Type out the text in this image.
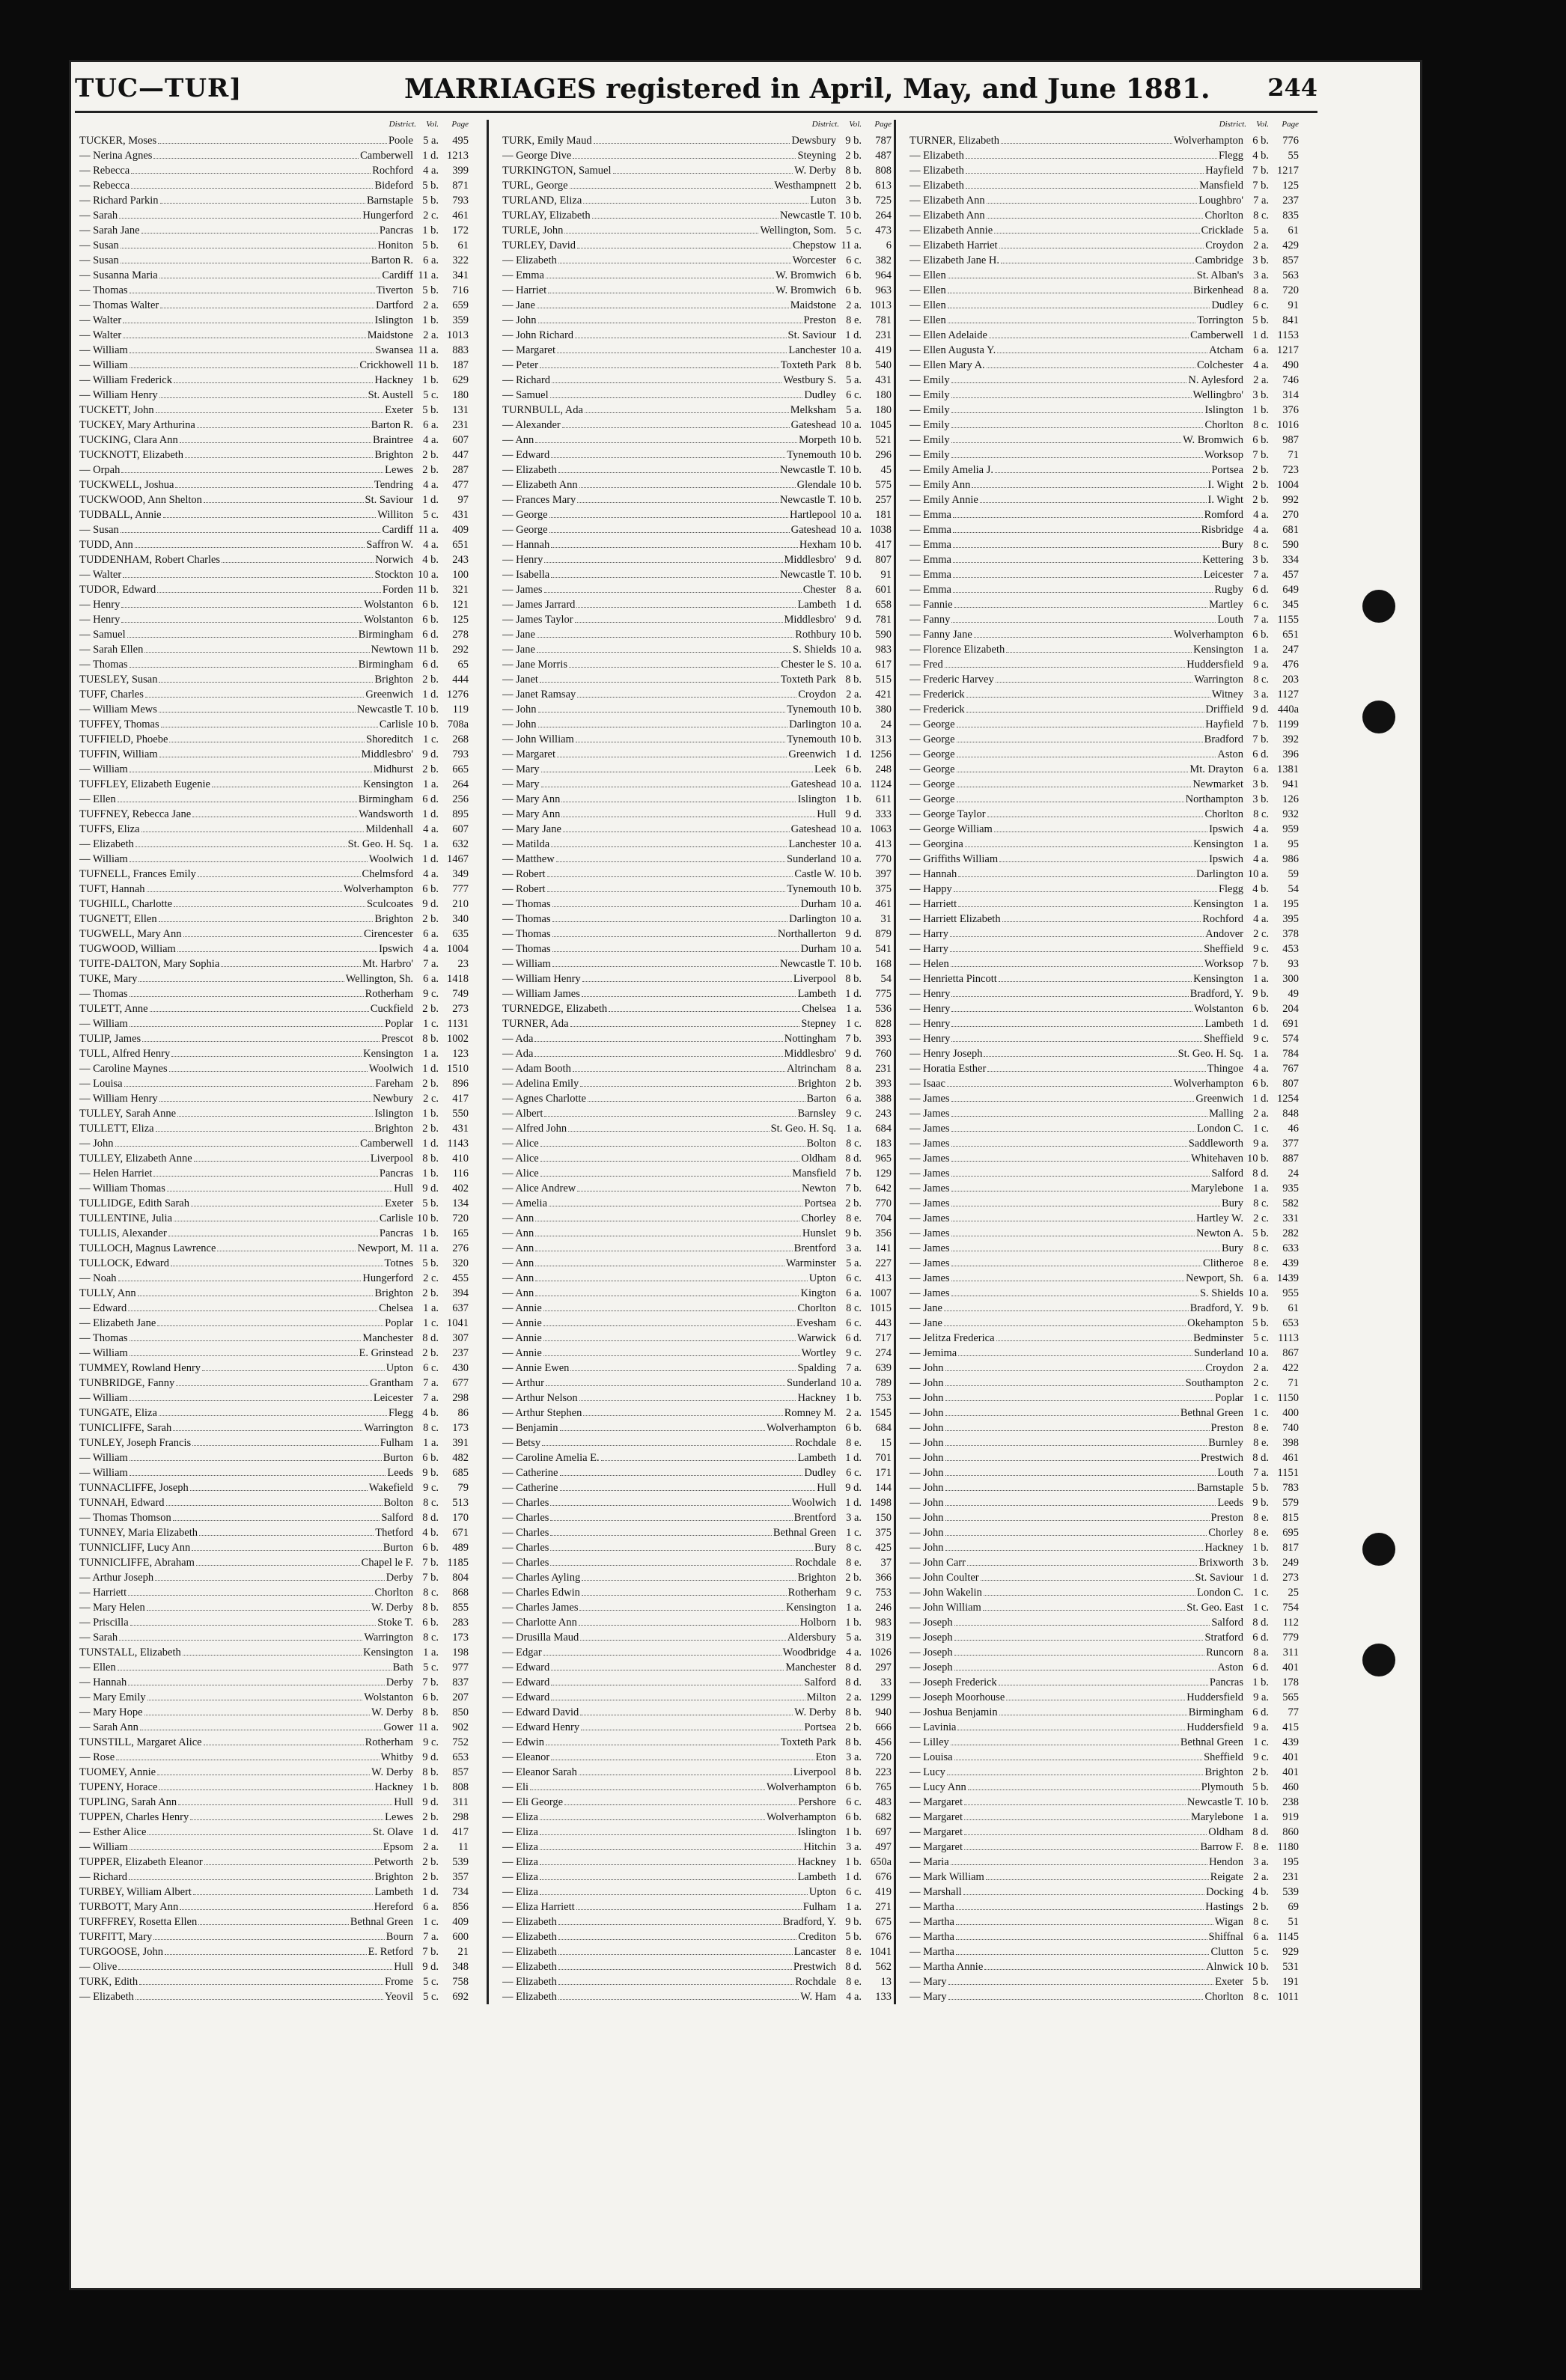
TUC—TUR]	MARRIAGES registered in April, May, and June 1881. 244
District.	Vol.	Page
TUCKER, Moses	Poole 5 a.	495
— Nerina Agnes	Camberwell 1 d. 1213
— Rebecca	Rochford 4 a.	399
— Rebecca	Bideford 5 b.	871
— Richard Parkin	Barnstaple 5 b.	793
— Sarah	Hungerford 2 c.	461
— Sarah Jane	Pancras 1 b.	172
— Susan	Honiton 5 b.	61
— Susan	Barton R. 6 a.	322
— Susanna Maria	Cardiff 11 a.	341
— Thomas	Tiverton 5 b.	716
— Thomas Walter	Dartford 2 a.	659
— Walter	Islington 1 b.	359
— Walter	Maidstone 2 a. 1013
— William	Swansea 11 a.	883
— William	Crickhowell 11 b.	187
— William Frederick	Hackney 1 b.	629
— William Henry	St. Austell 5 c.	180
TUCKETT, John	Exeter 5 b.	131
TUCKEY, Mary Arthurina	Barton R. 6 a.	231
TUCKING, Clara Ann	Braintree 4 a.	607
TUCKNOTT, Elizabeth	Brighton 2 b.	447
— Orpah	Lewes 2 b.	287
TUCKWELL, Joshua	Tendring 4 a.	477
TUCKWOOD, Ann Shelton	St. Saviour 1 d.	97
TUDBALL, Annie	Williton 5 c.	431
— Susan	Cardiff 11 a.	409
TUDD, Ann	Saffron W. 4 a.	651
TUDDENHAM, Robert Charles	Norwich 4 b.	243
— Walter	Stockton 10 a.	100
TUDOR, Edward	Forden 11 b.	321
— Henry	Wolstanton 6 b.	121
— Henry	Wolstanton 6 b.	125
— Samuel	Birmingham 6 d.	278
— Sarah Ellen	Newtown 11 b.	292
— Thomas	Birmingham 6 d.	65
TUESLEY, Susan	Brighton 2 b.	444
TUFF, Charles	Greenwich 1 d. 1276
— William Mews	Newcastle T. 10 b.	119
TUFFEY, Thomas	Carlisle 10 b. 708a
TUFFIELD, Phoebe	Shoreditch 1 c.	268
TUFFIN, William	Middlesbro' 9 d.	793
— William	Midhurst 2 b.	665
TUFFLEY, Elizabeth Eugenie	Kensington 1 a.	264
— Ellen	Birmingham 6 d.	256
TUFFNEY, Rebecca Jane	Wandsworth 1 d.	895
TUFFS, Eliza	Mildenhall 4 a.	607
— Elizabeth	St. Geo. H. Sq. 1 a.	632
— William	Woolwich 1 d. 1467
TUFNELL, Frances Emily	Chelmsford 4 a.	349
TUFT, Hannah	Wolverhampton 6 b.	777
TUGHILL, Charlotte	Sculcoates 9 d.	210
TUGNETT, Ellen	Brighton 2 b.	340
TUGWELL, Mary Ann	Cirencester 6 a.	635
TUGWOOD, William	Ipswich 4 a. 1004
TUITE-DALTON, Mary Sophia	Mt. Harbro' 7 a.	23
TUKE, Mary	Wellington, Sh. 6 a. 1418
— Thomas	Rotherham 9 c.	749
TULETT, Anne	Cuckfield 2 b.	273
— William	Poplar 1 c. 1131
TULIP, James	Prescot 8 b. 1002
TULL, Alfred Henry	Kensington 1 a.	123
— Caroline Maynes	Woolwich 1 d. 1510
— Louisa	Fareham 2 b.	896
— William Henry	Newbury 2 c.	417
TULLEY, Sarah Anne	Islington 1 b.	550
TULLETT, Eliza	Brighton 2 b.	431
— John	Camberwell 1 d. 1143
TULLEY, Elizabeth Anne	Liverpool 8 b.	410
— Helen Harriet	Pancras 1 b.	116
— William Thomas	Hull 9 d.	402
TULLIDGE, Edith Sarah	Exeter 5 b.	134
TULLENTINE, Julia	Carlisle 10 b.	720
TULLIS, Alexander	Pancras 1 b.	165
TULLOCH, Magnus Lawrence	Newport, M. 11 a.	276
TULLOCK, Edward	Totnes 5 b.	320
— Noah	Hungerford 2 c.	455
TULLY, Ann	Brighton 2 b.	394
— Edward	Chelsea 1 a.	637
— Elizabeth Jane	Poplar 1 c. 1041
— Thomas	Manchester 8 d.	307
— William	E. Grinstead 2 b.	237
TUMMEY, Rowland Henry	Upton 6 c.	430
TUNBRIDGE, Fanny	Grantham 7 a.	677
— William	Leicester 7 a.	298
TUNGATE, Eliza	Flegg 4 b.	86
TUNICLIFFE, Sarah	Warrington 8 c.	173
TUNLEY, Joseph Francis	Fulham 1 a.	391
— William	Burton 6 b.	482
— William	Leeds 9 b.	685
TUNNACLIFFE, Joseph	Wakefield 9 c.	79
TUNNAH, Edward	Bolton 8 c.	513
— Thomas Thomson	Salford 8 d.	170
TUNNEY, Maria Elizabeth	Thetford 4 b.	671
TUNNICLIFF, Lucy Ann	Burton 6 b.	489
TUNNICLIFFE, Abraham	Chapel le F. 7 b. 1185
— Arthur Joseph	Derby 7 b.	804
— Harriett	Chorlton 8 c.	868
— Mary Helen	W. Derby 8 b.	855
— Priscilla	Stoke T. 6 b.	283
— Sarah	Warrington 8 c.	173
TUNSTALL, Elizabeth	Kensington 1 a.	198
— Ellen	Bath 5 c.	977
— Hannah	Derby 7 b.	837
— Mary Emily	Wolstanton 6 b.	207
— Mary Hope	W. Derby 8 b.	850
— Sarah Ann	Gower 11 a.	902
TUNSTILL, Margaret Alice	Rotherham 9 c.	752
— Rose	Whitby 9 d.	653
TUOMEY, Annie	W. Derby 8 b.	857
TUPENY, Horace	Hackney 1 b.	808
TUPLING, Sarah Ann	Hull 9 d.	311
TUPPEN, Charles Henry	Lewes 2 b.	298
— Esther Alice	St. Olave 1 d.	417
— William	Epsom 2 a.	11
TUPPER, Elizabeth Eleanor	Petworth 2 b.	539
— Richard	Brighton 2 b.	357
TURBEY, William Albert	Lambeth 1 d.	734
TURBOTT, Mary Ann	Hereford 6 a.	856
TURFFREY, Rosetta Ellen	Bethnal Green 1 c.	409
TURFITT, Mary	Bourn 7 a.	600
TURGOOSE, John	E. Retford 7 b.	21
— Olive	Hull 9 d.	348
TURK, Edith	Frome 5 c.	758
— Elizabeth	Yeovil 5 c.	692
District.	Vol.	Page
TURK, Emily Maud	Dewsbury 9 b.	787
— George Dive	Steyning 2 b.	487
TURKINGTON, Samuel	W. Derby 8 b.	808
TURL, George	Westhampnett 2 b.	613
TURLAND, Eliza	Luton 3 b.	725
TURLAY, Elizabeth	Newcastle T. 10 b.	264
TURLE, John	Wellington, Som. 5 c.	473
TURLEY, David	Chepstow 11 a.	6
— Elizabeth	Worcester 6 c.	382
— Emma	W. Bromwich 6 b.	964
— Harriet	W. Bromwich 6 b.	963
— Jane	Maidstone 2 a. 1013
— John	Preston 8 e.	781
— John Richard	St. Saviour 1 d.	231
— Margaret	Lanchester 10 a.	419
— Peter	Toxteth Park 8 b.	540
— Richard	Westbury S. 5 a.	431
— Samuel	Dudley 6 c.	180
TURNBULL, Ada	Melksham 5 a.	180
— Alexander	Gateshead 10 a. 1045
— Ann	Morpeth 10 b.	521
— Edward	Tynemouth 10 b.	296
— Elizabeth	Newcastle T. 10 b.	45
— Elizabeth Ann	Glendale 10 b.	575
— Frances Mary	Newcastle T. 10 b.	257
— George	Hartlepool 10 a.	181
— George	Gateshead 10 a. 1038
— Hannah	Hexham 10 b.	417
— Henry	Middlesbro' 9 d.	807
— Isabella	Newcastle T. 10 b.	91
— James	Chester 8 a.	601
— James Jarrard	Lambeth 1 d.	658
— James Taylor	Middlesbro' 9 d.	781
— Jane	Rothbury 10 b.	590
— Jane	S. Shields 10 a.	983
— Jane Morris	Chester le S. 10 a.	617
— Janet	Toxteth Park 8 b.	515
— Janet Ramsay	Croydon 2 a.	421
— John	Tynemouth 10 b.	380
— John	Darlington 10 a.	24
— John William	Tynemouth 10 b.	313
— Margaret	Greenwich 1 d. 1256
— Mary	Leek 6 b.	248
— Mary	Gateshead 10 a. 1124
— Mary Ann	Islington 1 b.	611
— Mary Ann	Hull 9 d.	333
— Mary Jane	Gateshead 10 a. 1063
— Matilda	Lanchester 10 a.	413
— Matthew	Sunderland 10 a.	770
— Robert	Castle W. 10 b.	397
— Robert	Tynemouth 10 b.	375
— Thomas	Durham 10 a.	461
— Thomas	Darlington 10 a.	31
— Thomas	Northallerton 9 d.	879
— Thomas	Durham 10 a.	541
— William	Newcastle T. 10 b.	168
— William Henry	Liverpool 8 b.	54
— William James	Lambeth 1 d.	775
TURNEDGE, Elizabeth	Chelsea 1 a.	536
TURNER, Ada	Stepney 1 c.	828
— Ada	Nottingham 7 b.	393
— Ada	Middlesbro' 9 d.	760
— Adam Booth	Altrincham 8 a.	231
— Adelina Emily	Brighton 2 b.	393
— Agnes Charlotte	Barton 6 a.	388
— Albert	Barnsley 9 c.	243
— Alfred John	St. Geo. H. Sq. 1 a.	684
— Alice	Bolton 8 c.	183
— Alice	Oldham 8 d.	965
— Alice	Mansfield 7 b.	129
— Alice Andrew	Newton 7 b.	642
— Amelia	Portsea 2 b.	770
— Ann	Chorley 8 e.	704
— Ann	Hunslet 9 b.	356
— Ann	Brentford 3 a.	141
— Ann	Warminster 5 a.	227
— Ann	Upton 6 c.	413
— Ann	Kington 6 a. 1007
— Annie	Chorlton 8 c. 1015
— Annie	Evesham 6 c.	443
— Annie	Warwick 6 d.	717
— Annie	Wortley 9 c.	274
— Annie Ewen	Spalding 7 a.	639
— Arthur	Sunderland 10 a.	789
— Arthur Nelson	Hackney 1 b.	753
— Arthur Stephen	Romney M. 2 a. 1545
— Benjamin	Wolverhampton 6 b.	684
— Betsy	Rochdale 8 e.	15
— Caroline Amelia E.	Lambeth 1 d.	701
— Catherine	Dudley 6 c.	171
— Catherine	Hull 9 d.	144
— Charles	Woolwich 1 d. 1498
— Charles	Brentford 3 a.	150
— Charles	Bethnal Green 1 c.	375
— Charles	Bury 8 c.	425
— Charles	Rochdale 8 e.	37
— Charles Ayling	Brighton 2 b.	366
— Charles Edwin	Rotherham 9 c.	753
— Charles James	Kensington 1 a.	246
— Charlotte Ann	Holborn 1 b.	983
— Drusilla Maud	Aldersbury 5 a.	319
— Edgar	Woodbridge 4 a. 1026
— Edward	Manchester 8 d.	297
— Edward	Salford 8 d.	33
— Edward	Milton 2 a. 1299
— Edward David	W. Derby 8 b.	940
— Edward Henry	Portsea 2 b.	666
— Edwin	Toxteth Park 8 b.	456
— Eleanor	Eton 3 a.	720
— Eleanor Sarah	Liverpool 8 b.	223
— Eli	Wolverhampton 6 b.	765
— Eli George	Pershore 6 c.	483
— Eliza	Wolverhampton 6 b.	682
— Eliza	Islington 1 b.	697
— Eliza	Hitchin 3 a.	497
— Eliza	Hackney 1 b. 650a
— Eliza	Lambeth 1 d.	676
— Eliza	Upton 6 c.	419
— Eliza Harriett	Fulham 1 a.	271
— Elizabeth	Bradford, Y. 9 b.	675
— Elizabeth	Crediton 5 b.	676
— Elizabeth	Lancaster 8 e. 1041
— Elizabeth	Prestwich 8 d.	562
— Elizabeth	Rochdale 8 e.	13
— Elizabeth	W. Ham 4 a.	133
District.	Vol.	Page
TURNER, Elizabeth	Wolverhampton 6 b.	776
— Elizabeth	Flegg 4 b.	55
— Elizabeth	Hayfield 7 b. 1217
— Elizabeth	Mansfield 7 b.	125
— Elizabeth Ann	Loughbro' 7 a.	237
— Elizabeth Ann	Chorlton 8 c.	835
— Elizabeth Annie	Cricklade 5 a.	61
— Elizabeth Harriet	Croydon 2 a.	429
— Elizabeth Jane H.	Cambridge 3 b.	857
— Ellen	St. Alban's 3 a.	563
— Ellen	Birkenhead 8 a.	720
— Ellen	Dudley 6 c.	91
— Ellen	Torrington 5 b.	841
— Ellen Adelaide	Camberwell 1 d. 1153
— Ellen Augusta Y.	Atcham 6 a. 1217
— Ellen Mary A.	Colchester 4 a.	490
— Emily	N. Aylesford 2 a.	746
— Emily	Wellingbro' 3 b.	314
— Emily	Islington 1 b.	376
— Emily	Chorlton 8 c. 1016
— Emily	W. Bromwich 6 b.	987
— Emily	Worksop 7 b.	71
— Emily Amelia J.	Portsea 2 b.	723
— Emily Ann	I. Wight 2 b. 1004
— Emily Annie	I. Wight 2 b.	992
— Emma	Romford 4 a.	270
— Emma	Risbridge 4 a.	681
— Emma	Bury 8 c.	590
— Emma	Kettering 3 b.	334
— Emma	Leicester 7 a.	457
— Emma	Rugby 6 d.	649
— Fannie	Martley 6 c.	345
— Fanny	Louth 7 a. 1155
— Fanny Jane	Wolverhampton 6 b.	651
— Florence Elizabeth	Kensington 1 a.	247
— Fred	Huddersfield 9 a.	476
— Frederic Harvey	Warrington 8 c.	203
— Frederick	Witney 3 a. 1127
— Frederick	Driffield 9 d. 440a
— George	Hayfield 7 b. 1199
— George	Bradford 7 b.	392
— George	Aston 6 d.	396
— George	Mt. Drayton 6 a. 1381
— George	Newmarket 3 b.	941
— George	Northampton 3 b.	126
— George Taylor	Chorlton 8 c.	932
— George William	Ipswich 4 a.	959
— Georgina	Kensington 1 a.	95
— Griffiths William	Ipswich 4 a.	986
— Hannah	Darlington 10 a.	59
— Happy	Flegg 4 b.	54
— Harriett	Kensington 1 a.	195
— Harriett Elizabeth	Rochford 4 a.	395
— Harry	Andover 2 c.	378
— Harry	Sheffield 9 c.	453
— Helen	Worksop 7 b.	93
— Henrietta Pincott	Kensington 1 a.	300
— Henry	Bradford, Y. 9 b.	49
— Henry	Wolstanton 6 b.	204
— Henry	Lambeth 1 d.	691
— Henry	Sheffield 9 c.	574
— Henry Joseph	St. Geo. H. Sq. 1 a.	784
— Horatia Esther	Thingoe 4 a.	767
— Isaac	Wolverhampton 6 b.	807
— James	Greenwich 1 d. 1254
— James	Malling 2 a.	848
— James	London C. 1 c.	46
— James	Saddleworth 9 a.	377
— James	Whitehaven 10 b.	887
— James	Salford 8 d.	24
— James	Marylebone 1 a.	935
— James	Bury 8 c.	582
— James	Hartley W. 2 c.	331
— James	Newton A. 5 b.	282
— James	Bury 8 c.	633
— James	Clitheroe 8 e.	439
— James	Newport, Sh. 6 a. 1439
— James	S. Shields 10 a.	955
— Jane	Bradford, Y. 9 b.	61
— Jane	Okehampton 5 b.	653
— Jelitza Frederica	Bedminster 5 c. 1113
— Jemima	Sunderland 10 a.	867
— John	Croydon 2 a.	422
— John	Southampton 2 c.	71
— John	Poplar 1 c. 1150
— John	Bethnal Green 1 c.	400
— John	Preston 8 e.	740
— John	Burnley 8 e.	398
— John	Prestwich 8 d.	461
— John	Louth 7 a. 1151
— John	Barnstaple 5 b.	783
— John	Leeds 9 b.	579
— John	Preston 8 e.	815
— John	Chorley 8 e.	695
— John	Hackney 1 b.	817
— John Carr	Brixworth 3 b.	249
— John Coulter	St. Saviour 1 d.	273
— John Wakelin	London C. 1 c.	25
— John William	St. Geo. East 1 c.	754
— Joseph	Salford 8 d.	112
— Joseph	Stratford 6 d.	779
— Joseph	Runcorn 8 a.	311
— Joseph	Aston 6 d.	401
— Joseph Frederick	Pancras 1 b.	178
— Joseph Moorhouse	Huddersfield 9 a.	565
— Joshua Benjamin	Birmingham 6 d.	77
— Lavinia	Huddersfield 9 a.	415
— Lilley	Bethnal Green 1 c.	439
— Louisa	Sheffield 9 c.	401
— Lucy	Brighton 2 b.	401
— Lucy Ann	Plymouth 5 b.	460
— Margaret	Newcastle T. 10 b.	238
— Margaret	Marylebone 1 a.	919
— Margaret	Oldham 8 d.	860
— Margaret	Barrow F. 8 e. 1180
— Maria	Hendon 3 a.	195
— Mark William	Reigate 2 a.	231
— Marshall	Docking 4 b.	539
— Martha	Hastings 2 b.	69
— Martha	Wigan 8 c.	51
— Martha	Shiffnal 6 a. 1145
— Martha	Clutton 5 c.	929
— Martha Annie	Alnwick 10 b.	531
— Mary	Exeter 5 b.	191
— Mary	Chorlton 8 c. 1011
